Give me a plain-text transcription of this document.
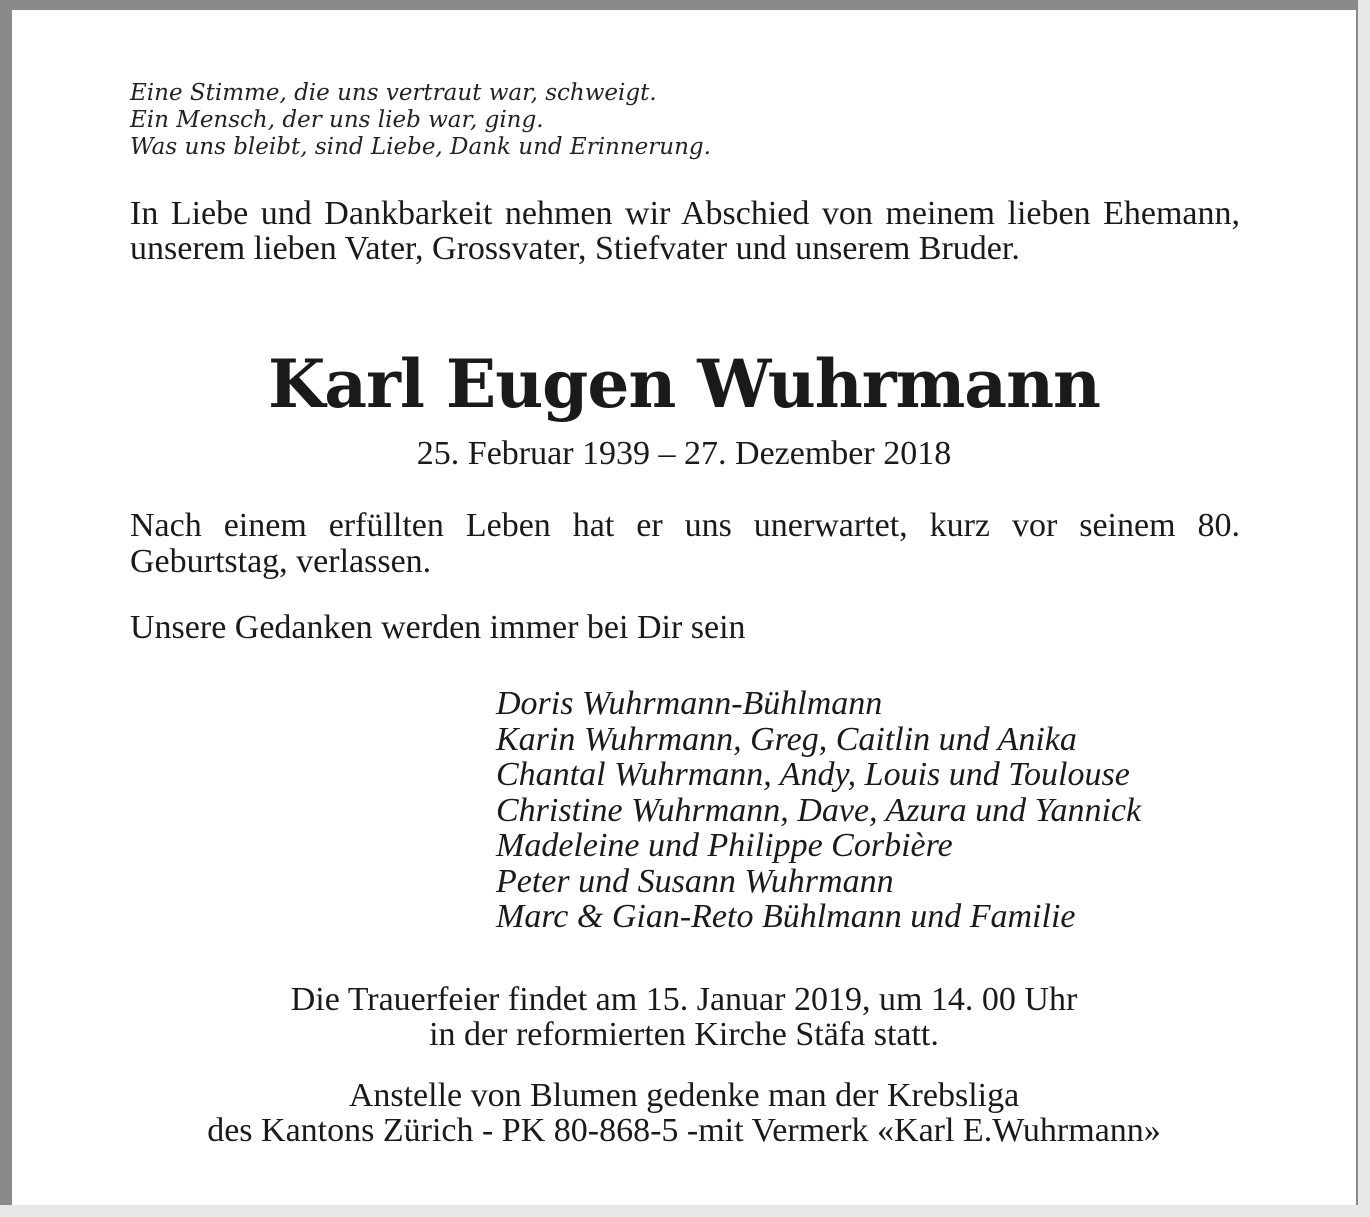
Eine Stimme, die uns vertraut war, schweigt.
Ein Mensch, der uns lieb war, ging.
Was uns bleibt, sind Liebe, Dank und Erinnerung.
In Liebe und Dankbarkeit nehmen wir Abschied von meinem lieben Ehemann, unserem lieben Vater, Grossvater, Stiefvater und unserem Bruder.
Karl Eugen Wuhrmann
25. Februar 1939 – 27. Dezember 2018
Nach einem erfüllten Leben hat er uns unerwartet, kurz vor seinem 80. Geburtstag, verlassen.
Unsere Gedanken werden immer bei Dir sein
Doris Wuhrmann-Bühlmann
Karin Wuhrmann, Greg, Caitlin und Anika
Chantal Wuhrmann, Andy, Louis und Toulouse
Christine Wuhrmann, Dave, Azura und Yannick
Madeleine und Philippe Corbière
Peter und Susann Wuhrmann
Marc & Gian-Reto Bühlmann und Familie
Die Trauerfeier findet am 15. Januar 2019, um 14. 00 Uhr
in der reformierten Kirche Stäfa statt.
Anstelle von Blumen gedenke man der Krebsliga
des Kantons Zürich - PK 80-868-5 -mit Vermerk «Karl E.Wuhrmann»
